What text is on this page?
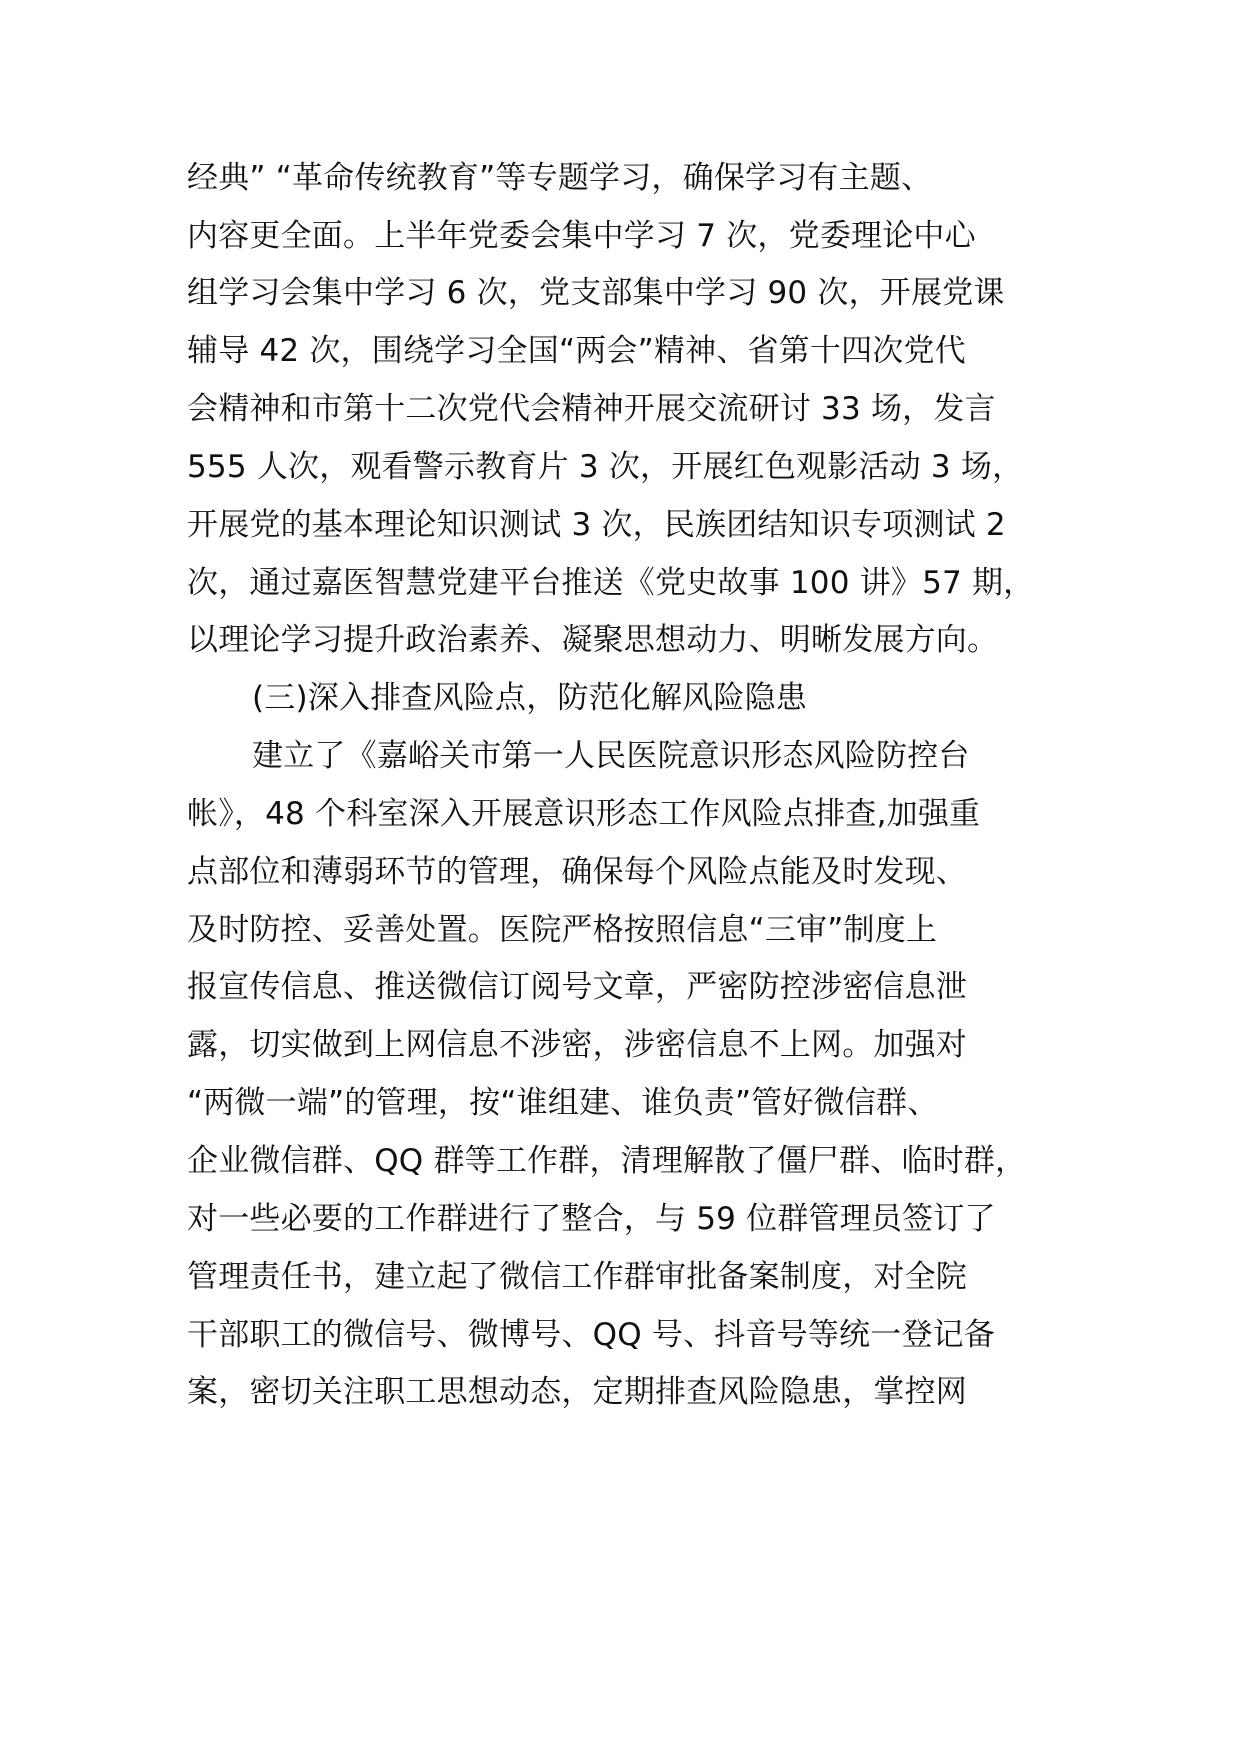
经典” “革命传统教育”等专题学习，确保学习有主题、
内容更全面。上半年党委会集中学习 7 次，党委理论中心
组学习会集中学习 6 次，党支部集中学习 90 次，开展党课
辅导 42 次，围绕学习全国“两会”精神、省第十四次党代
会精神和市第十二次党代会精神开展交流研讨 33 场，发言
555 人次，观看警示教育片 3 次，开展红色观影活动 3 场，
开展党的基本理论知识测试 3 次，民族团结知识专项测试 2
次，通过嘉医智慧党建平台推送《党史故事 100 讲》57 期，
以理论学习提升政治素养、凝聚思想动力、明晰发展方向。
(三)深入排查风险点，防范化解风险隐患
建立了《嘉峪关市第一人民医院意识形态风险防控台
帐》，48 个科室深入开展意识形态工作风险点排查,加强重
点部位和薄弱环节的管理，确保每个风险点能及时发现、
及时防控、妥善处置。医院严格按照信息“三审”制度上
报宣传信息、推送微信订阅号文章，严密防控涉密信息泄
露，切实做到上网信息不涉密，涉密信息不上网。加强对
“两微一端”的管理，按“谁组建、谁负责”管好微信群、
企业微信群、QQ 群等工作群，清理解散了僵尸群、临时群，
对一些必要的工作群进行了整合，与 59 位群管理员签订了
管理责任书，建立起了微信工作群审批备案制度，对全院
干部职工的微信号、微博号、QQ 号、抖音号等统一登记备
案，密切关注职工思想动态，定期排查风险隐患，掌控网
